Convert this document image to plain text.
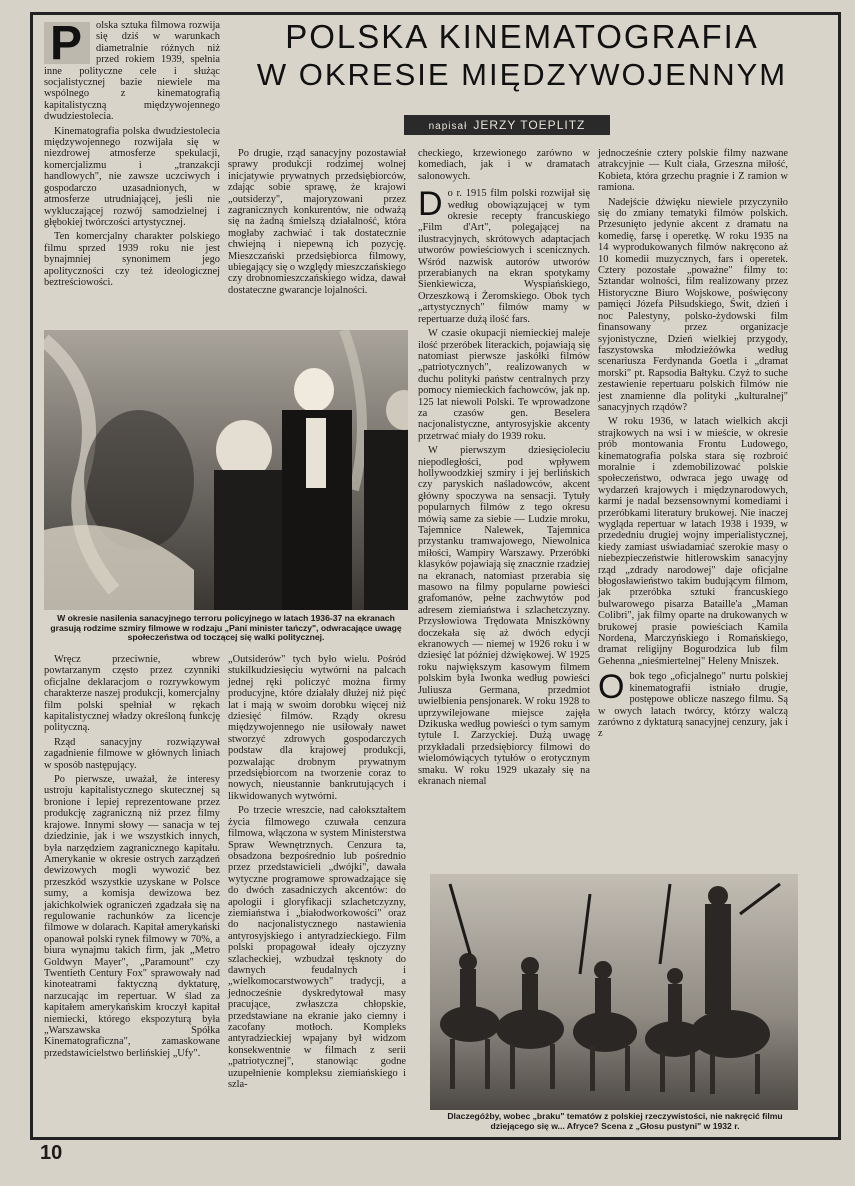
POLSKA KINEMATOGRAFIA
W OKRESIE MIĘDZYWOJENNYM
napisał JERZY TOEPLITZ

P	olska sztuka filmowa rozwija się dziś w warunkach diametralnie różnych niż przed rokiem 1939, spełnia inne polityczne cele i służąc socjalistycznej bazie niewiele ma wspólnego z kinematografią kapitalistyczną międzywojennego dwudziestolecia.

Kinematografia polska dwudziestolecia międzywojennego rozwijała się w niezdrowej atmosferze spekulacji, komercjalizmu i „tranzakcji handlowych", nie zawsze uczciwych i gospodarczo uzasadnionych, w atmosferze utrudniającej, jeśli nie wykluczającej rozwój samodzielnej i głębokiej twórczości artystycznej.

Ten komercjalny charakter polskiego filmu sprzed 1939 roku nie jest bynajmniej synonimem jego apolityczności czy też ideologicznej beztreściowości.

Po drugie, rząd sanacyjny pozostawiał sprawy produkcji rodzimej wolnej inicjatywie prywatnych przedsiębiorców, zdając sobie sprawę, że krajowi „outsiderzy", majoryzowani przez zagranicznych konkurentów, nie odważą się na żadną śmielszą działalność, która mogłaby zachwiać i tak dostatecznie chwiejną i niepewną ich pozycję. Mieszczański przedsiębiorca filmowy, ubiegający się o względy mieszczańskiego czy drobnomieszczańskiego widza, dawał dostateczne gwarancje lojalności.

checkiego, krzewionego zarówno w komediach, jak i w dramatach salonowych.

Do r. 1915 film polski rozwijał się według obowiązującej w tym okresie recepty francuskiego „Film d'Art", polegającej na ilustracyjnych, skrótowych adaptacjach utworów powieściowych i scenicznych. Wśród nazwisk autorów utworów przerabianych na ekran spotykamy Sienkiewicza, Wyspiańskiego, Orzeszkową i Żeromskiego. Obok tych „artystycznych" filmów mamy w repertuarze dużą ilość fars.

W czasie okupacji niemieckiej maleje ilość przeróbek literackich, pojawiają się natomiast pierwsze jaskółki filmów „patriotycznych", realizowanych w duchu polityki państw centralnych przy pomocy niemieckich fachowców, jak np. 125 lat niewoli Polski. Te wprowadzone za czasów gen. Beselera nacjonalistyczne, antyrosyjskie akcenty przetrwać miały do 1939 roku.

W pierwszym dziesięcioleciu niepodległości, pod wpływem hollywoodzkiej szmiry i jej berlińskich czy paryskich naśladowców, akcent główny spoczywa na sensacji. Tytuły popularnych filmów z tego okresu mówią same za siebie — Ludzie mroku, Tajemnice Nalewek, Tajemnica przystanku tramwajowego, Niewolnica miłości, Wampiry Warszawy. Przeróbki klasyków pojawiają się znacznie rzadziej na ekranach, natomiast przerabia się masowo na filmy popularne powieści grafomanów, pełne zachwytów pod adresem ziemiaństwa i szlachetczyzny. Przysłowiowa Trędowata Mniszkówny doczekała się aż dwóch edycji ekranowych — niemej w 1926 roku i w dziesięć lat później dźwiękowej. W 1925 roku największym kasowym filmem polskim była Iwonka według powieści Juliusza Germana, przedmiot uwielbienia pensjonarek. W roku 1928 to uprzywilejowane miejsce zajęła Dzikuska według powieści o tym samym tytule I. Zarzyckiej. Dużą uwagę przykładali przedsiębiorcy filmowi do wielomówiących tytułów o erotycznym smaku. W roku 1929 ukazały się na ekranach niemal

jednocześnie cztery polskie filmy nazwane atrakcyjnie — Kult ciała, Grzeszna miłość, Kobieta, która grzechu pragnie i Z ramion w ramiona.

Nadejście dźwięku niewiele przyczyniło się do zmiany tematyki filmów polskich. Przesunięto jedynie akcent z dramatu na komedię, farsę i operetkę. W roku 1935 na 14 wyprodukowanych filmów nakręcono aż 10 komedii muzycznych, fars i operetek. Cztery pozostałe „poważne" filmy to: Sztandar wolności, film realizowany przez Historyczne Biuro Wojskowe, poświęcony pamięci Józefa Piłsudskiego, Świt, dzień i noc Palestyny, polsko-żydowski film finansowany przez organizacje syjonistyczne, Dzień wielkiej przygody, faszystowska młodzieżówka według scenariusza Ferdynanda Goetla i „dramat morski" pt. Rapsodia Bałtyku. Czyż to suche zestawienie repertuaru polskich filmów nie jest znamienne dla polityki „kulturalnej" sanacyjnych rządów?

W roku 1936, w latach wielkich akcji strajkowych na wsi i w mieście, w okresie prób montowania Frontu Ludowego, kinematografia polska stara się rozbroić moralnie i zdemobilizować polskie społeczeństwo, odwraca jego uwagę od wydarzeń krajowych i międzynarodowych, karmi je nadal bezsensownymi komediami i przeróbkami literatury brukowej. Nie inaczej wygląda repertuar w latach 1938 i 1939, w przededniu drugiej wojny imperialistycznej, kiedy zamiast uświadamiać szerokie masy o niebezpieczeństwie hitlerowskim sanacyjny rząd „zdrady narodowej" daje oficjalne błogosławieństwo takim budującym filmom, jak przeróbka sztuki francuskiego bulwarowego pisarza Bataille'a „Maman Colibri", jak filmy oparte na drukowanych w brukowej prasie powieściach Kamila Nordena, Marczyńskiego i Romańskiego, dramat religijny Bogurodzica lub film Gehenna „nieśmiertelnej" Heleny Mniszek.

Obok tego „oficjalnego" nurtu polskiej kinematografii istniało drugie, postępowe oblicze naszego filmu. Są w owych latach twórcy, którzy walczą zarówno z dyktaturą sanacyjnej cenzury, jak i z

W okresie nasilenia sanacyjnego terroru policyjnego w latach 1936-37 na ekranach grasują rodzime szmiry filmowe w rodzaju „Pani minister tańczy", odwracające uwagę społeczeństwa od toczącej się walki politycznej.

Wręcz przeciwnie, wbrew powtarzanym często przez czynniki oficjalne deklaracjom o rozrywkowym charakterze naszej produkcji, komercjalny film polski spełniał w rękach kapitalistycznej władzy określoną funkcję polityczną.

Rząd sanacyjny rozwiązywał zagadnienie filmowe w głównych liniach w sposób następujący.

Po pierwsze, uważał, że interesy ustroju kapitalistycznego skutecznej są bronione i lepiej reprezentowane przez produkcję zagraniczną niż przez filmy krajowe. Innymi słowy — sanacja w tej dziedzinie, jak i we wszystkich innych, była narzędziem zagranicznego kapitału. Amerykanie w okresie ostrych zarządzeń dewizowych mogli wywozić bez przeszkód wszystkie uzyskane w Polsce sumy, a komisja dewizowa bez jakichkolwiek ograniczeń zgadzała się na regulowanie rachunków za licencje filmowe w dolarach. Kapitał amerykański opanował polski rynek filmowy w 70%, a biura wynajmu takich firm, jak „Metro Goldwyn Mayer", „Paramount" czy Twentieth Century Fox" sprawowały nad kinoteatrami faktyczną dyktaturę, narzucając im repertuar. W ślad za kapitałem amerykańskim kroczył kapitał niemiecki, którego ekspozyturą była „Warszawska Spółka Kinematograficzna", zamaskowane przedstawicielstwo berlińskiej „Ufy".

„Outsiderów" tych było wielu. Pośród stukilkudziesięciu wytwórni na palcach jednej ręki policzyć można firmy producyjne, które działały dłużej niż pięć lat i mają w swoim dorobku więcej niż dziesięć filmów. Rządy okresu międzywojennego nie usiłowały nawet stworzyć zdrowych gospodarczych podstaw dla krajowej produkcji, pozwalając drobnym prywatnym przedsiębiorcom na tworzenie coraz to nowych, nieustannie bankrutujących i likwidowanych wytwórni.

Po trzecie wreszcie, nad całokształtem życia filmowego czuwała cenzura filmowa, włączona w system Ministerstwa Spraw Wewnętrznych. Cenzura ta, obsadzona bezpośrednio lub pośrednio przez przedstawicieli „dwójki", dawała wytyczne programowe sprowadzające się do dwóch zasadniczych akcentów: do apologii i gloryfikacji szlachetczyzny, ziemiaństwa i „białodworkowości" oraz do nacjonalistycznego nastawienia antyrosyjskiego i antyradzieckiego. Film polski propagował ideały ojczyzny szlacheckiej, wzbudzał tęsknoty do dawnych feudalnych i „wielkomocarstwowych" tradycji, a jednocześnie dyskredytował masy pracujące, zwłaszcza chłopskie, przedstawiane na ekranie jako ciemny i zacofany motłoch. Kompleks antyradzieckiej wpajany był widzom konsekwentnie w filmach z serii „patriotycznej", stanowiąc godne uzupełnienie kompleksu ziemiańskiego i szla-

Dlaczegóżby, wobec „braku" tematów z polskiej rzeczywistości, nie nakręcić filmu dziejącego się w... Afryce? Scena z „Głosu pustyni" w 1932 r.
10
